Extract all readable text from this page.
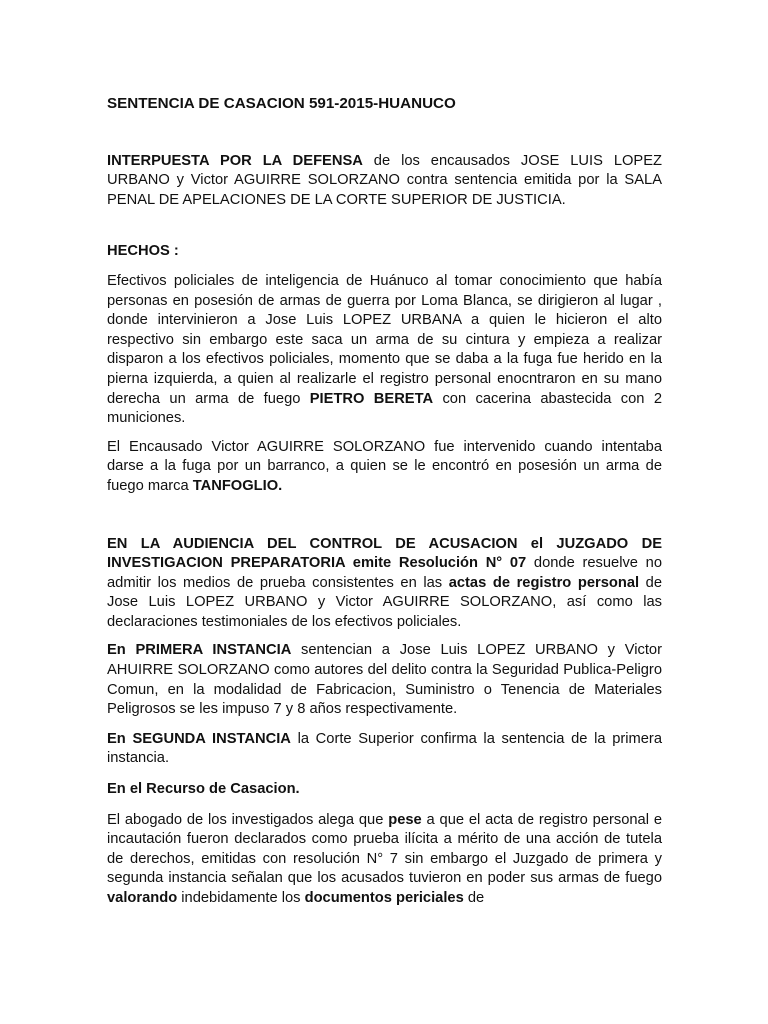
SENTENCIA DE CASACION 591-2015-HUANUCO

INTERPUESTA POR LA DEFENSA de los encausados JOSE LUIS LOPEZ URBANO y Victor AGUIRRE SOLORZANO contra sentencia emitida por la SALA PENAL DE APELACIONES DE LA CORTE SUPERIOR DE JUSTICIA.

HECHOS :

Efectivos policiales de inteligencia de Huánuco al tomar conocimiento que había personas en posesión de armas de guerra por Loma Blanca, se dirigieron al lugar , donde intervinieron a Jose Luis LOPEZ URBANA a quien le hicieron el alto respectivo sin embargo este saca un arma de su cintura y empieza a realizar disparon a los efectivos policiales, momento que se daba a la fuga fue herido en la pierna izquierda, a quien al realizarle el registro personal enocntraron en su mano derecha un arma de fuego PIETRO BERETA con cacerina abastecida con 2 municiones.

El Encausado Victor AGUIRRE SOLORZANO fue intervenido cuando intentaba darse a la fuga por un barranco, a quien se le encontró en posesión un arma de fuego marca TANFOGLIO.

EN LA AUDIENCIA DEL CONTROL DE ACUSACION el JUZGADO DE INVESTIGACION PREPARATORIA emite Resolución N° 07 donde resuelve no admitir los medios de prueba consistentes en las actas de registro personal de Jose Luis LOPEZ URBANO y Victor AGUIRRE SOLORZANO, así como las declaraciones testimoniales de los efectivos policiales.

En PRIMERA INSTANCIA sentencian a Jose Luis LOPEZ URBANO y Victor AHUIRRE SOLORZANO como autores del delito contra la Seguridad Publica-Peligro Comun, en la modalidad de Fabricacion, Suministro o Tenencia de Materiales Peligrosos se les impuso 7 y 8 años respectivamente.

En SEGUNDA INSTANCIA la Corte Superior confirma la sentencia de la primera instancia.

En el Recurso de Casacion.

El abogado de los investigados alega que pese a que el acta de registro personal e incautación fueron declarados como prueba ilícita a mérito de una acción de tutela de derechos, emitidas con resolución N° 7 sin embargo el Juzgado de primera y segunda instancia señalan que los acusados tuvieron en poder sus armas de fuego valorando indebidamente los documentos periciales de
